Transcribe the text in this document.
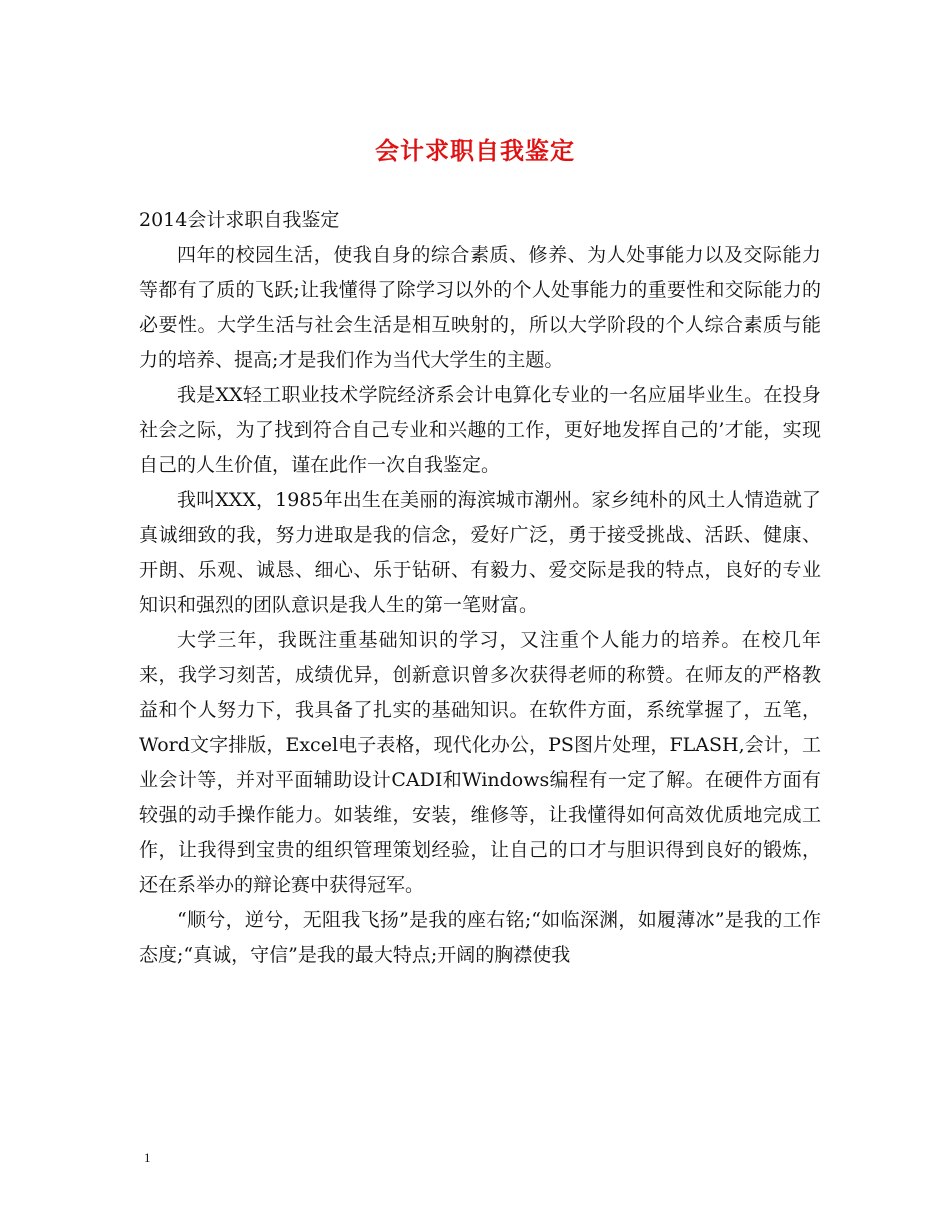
会计求职自我鉴定
2014会计求职自我鉴定

四年的校园生活，使我自身的综合素质、修养、为人处事能力以及交际能力等都有了质的飞跃;让我懂得了除学习以外的个人处事能力的重要性和交际能力的必要性。大学生活与社会生活是相互映射的，所以大学阶段的个人综合素质与能力的培养、提高;才是我们作为当代大学生的主题。

我是XX轻工职业技术学院经济系会计电算化专业的一名应届毕业生。在投身社会之际，为了找到符合自己专业和兴趣的工作，更好地发挥自己的’才能，实现自己的人生价值，谨在此作一次自我鉴定。

我叫XXX，1985年出生在美丽的海滨城市潮州。家乡纯朴的风土人情造就了真诚细致的我，努力进取是我的信念，爱好广泛，勇于接受挑战、活跃、健康、开朗、乐观、诚恳、细心、乐于钻研、有毅力、爱交际是我的特点，良好的专业知识和强烈的团队意识是我人生的第一笔财富。

大学三年，我既注重基础知识的学习，又注重个人能力的培养。在校几年来，我学习刻苦，成绩优异，创新意识曾多次获得老师的称赞。在师友的严格教益和个人努力下，我具备了扎实的基础知识。在软件方面，系统掌握了，五笔，Word文字排版，Excel电子表格，现代化办公，PS图片处理，FLASH,会计，工业会计等，并对平面辅助设计CADI和Windows编程有一定了解。在硬件方面有较强的动手操作能力。如装维，安装，维修等，让我懂得如何高效优质地完成工作，让我得到宝贵的组织管理策划经验，让自己的口才与胆识得到良好的锻炼，还在系举办的辩论赛中获得冠军。

“顺兮，逆兮，无阻我飞扬”是我的座右铭;“如临深渊，如履薄冰”是我的工作态度;“真诚，守信”是我的最大特点;开阔的胸襟使我

1
